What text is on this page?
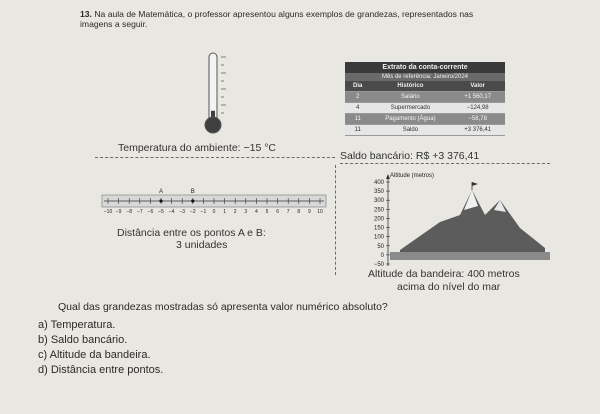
13. Na aula de Matemática, o professor apresentou alguns exemplos de grandezas, representados nas
imagens a seguir.
Temperatura do ambiente: −15 °C
Extrato da conta-corrente
Mês de referência: Janeiro/2024
Dia	Histórico	Valor
2	Salário	+1 560,17
4	Supermercado	−124,98
11	Pagamento (Água)	−58,78
11	Saldo	+3 376,41
Saldo bancário: R$ +3 376,41
−10 −9 −8 −7 −6 −5 −4 −3 −2 −1 0 1 2 3 4 5 6 7 8 9 10
A	B
Distância entre os pontos A e B:
3 unidades
Altitude (metros)
400
350
300
250
200
150
100
50
0
−50
Altitude da bandeira: 400 metros
acima do nível do mar
Qual das grandezas mostradas só apresenta valor numérico absoluto?
a) Temperatura.
b) Saldo bancário.
c) Altitude da bandeira.
d) Distância entre pontos.
